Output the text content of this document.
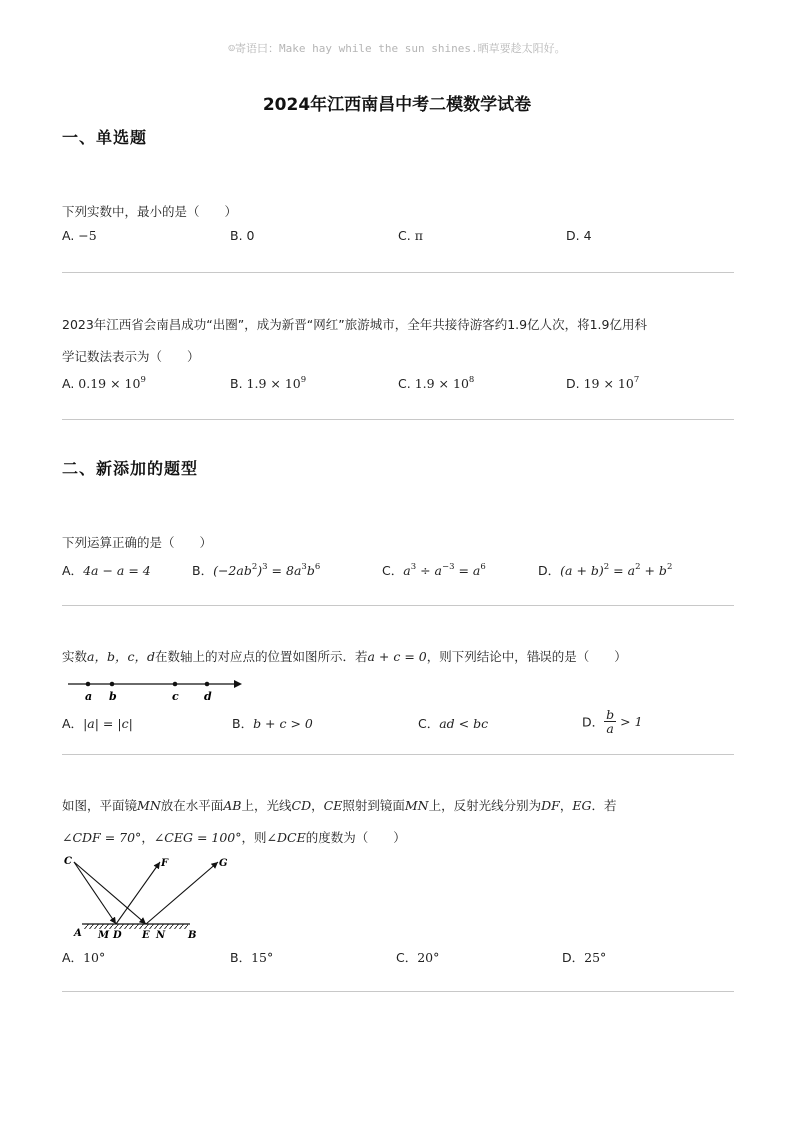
☺寄语曰：Make hay while the sun shines.晒草要趁太阳好。
2024年江西南昌中考二模数学试卷
一、单选题
下列实数中，最小的是（　　）
A. −5	B. 0	C. π	D. 4
2023年江西省会南昌成功“出圈”，成为新晋“网红”旅游城市，全年共接待游客约1.9亿人次，将1.9亿用科
学记数法表示为（　　）
A. $0.19 \times 10^9$	B. $1.9 \times 10^9$	C. $1.9 \times 10^8$	D. $19 \times 10^7$
二、新添加的题型
下列运算正确的是（　　）
A．4a − a = 4	B．$(-2ab^2)^3 = 8a^3b^6$	C．$a^3 \div a^{-3} = a^6$	D．$(a + b)^2 = a^2 + b^2$
实数a，b，c，d在数轴上的对应点的位置如图所示．若a + c = 0，则下列结论中，错误 ·的是（　　）
a b	c d
A．|a| = |c|	B．b + c > 0	C．ad < bc	D． $\frac{b}{a} > 1$
如图，平面镜MN放在水平面AB上，光线CD，CE照射到镜面MN上，反射光线分别为DF，EG．若
∠CDF = 70°，∠CEG = 100°，则∠DCE的度数为（　　）
C	F	G
A M D E N B
A．10°	B．15°	C．20°	D．25°
